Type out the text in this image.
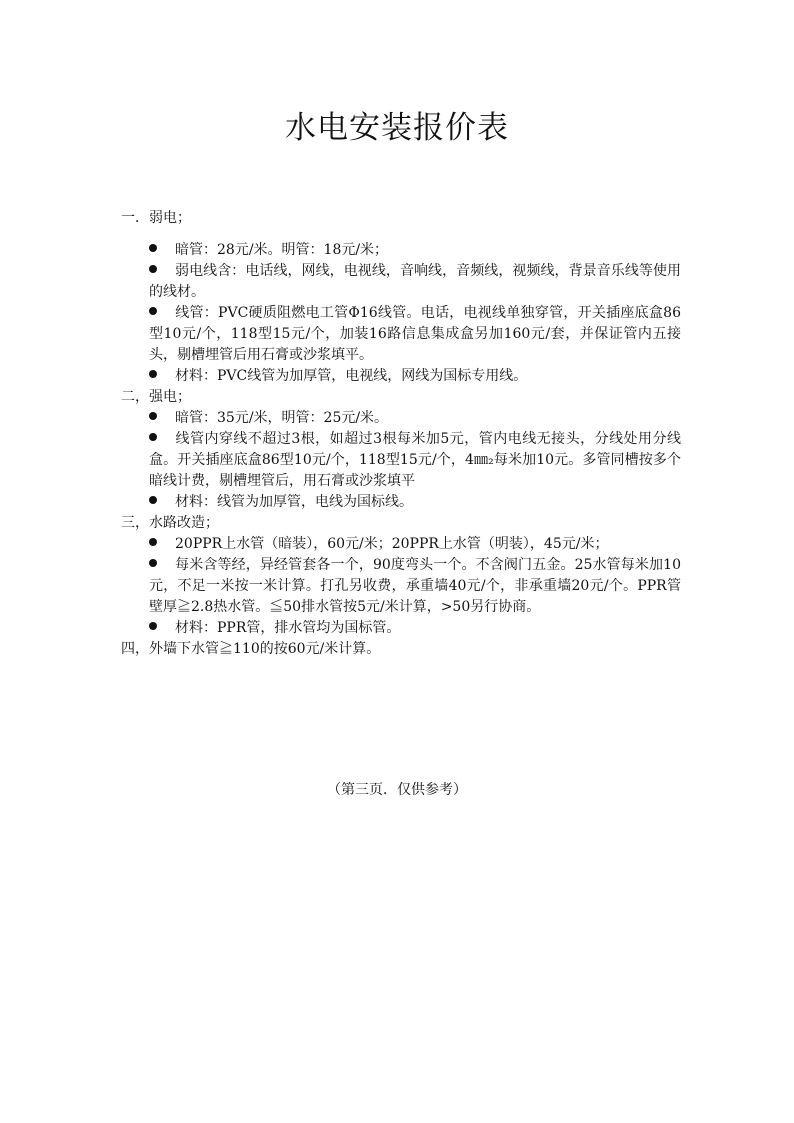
水电安装报价表

一．弱电；

暗管：28元/米。明管：18元/米；
弱电线含：电话线，网线，电视线，音响线，音频线，视频线，背景音乐线等使用的线材。
线管：PVC硬质阻燃电工管Φ16线管。电话，电视线单独穿管，开关插座底盒86型10元/个，118型15元/个，加装16路信息集成盒另加160元/套，并保证管内五接头，剔槽埋管后用石膏或沙浆填平。
材料：PVC线管为加厚管，电视线，网线为国标专用线。

二，强电；

暗管：35元/米，明管：25元/米。
线管内穿线不超过3根，如超过3根每米加5元，管内电线无接头，分线处用分线盒。开关插座底盒86型10元/个，118型15元/个，4㎜₂每米加10元。多管同槽按多个暗线计费，剔槽埋管后，用石膏或沙浆填平
材料：线管为加厚管，电线为国标线。

三，水路改造；

20PPR上水管（暗装），60元/米；20PPR上水管（明装），45元/米；
每米含等经，异经管套各一个，90度弯头一个。不含阀门五金。25水管每米加10元，不足一米按一米计算。打孔另收费，承重墙40元/个，非承重墙20元/个。PPR管壁厚≧2.8热水管。≦50排水管按5元/米计算，>50另行协商。
材料：PPR管，排水管均为国标管。

四，外墙下水管≧110的按60元/米计算。

（第三页．仅供参考）
